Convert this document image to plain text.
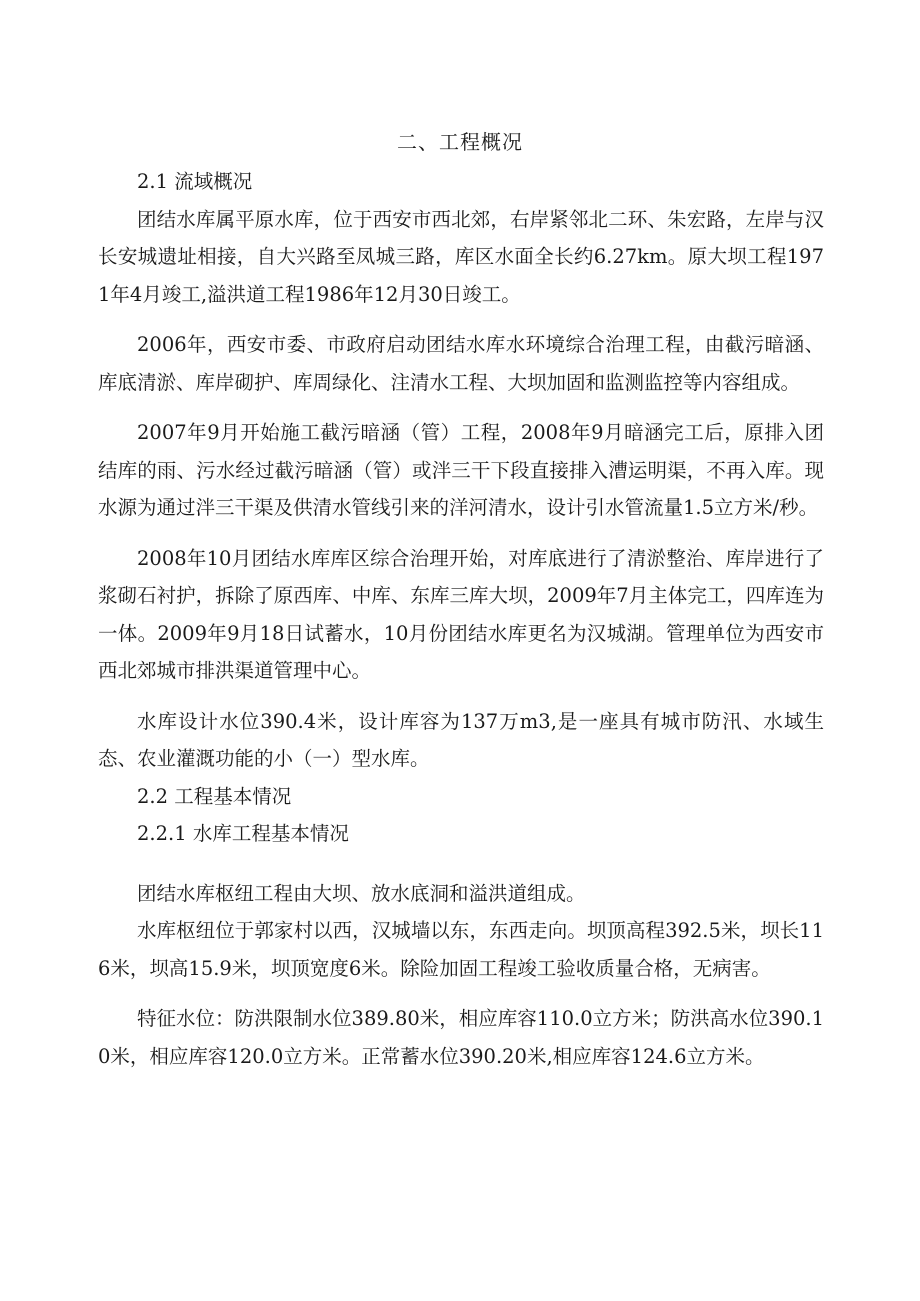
二、工程概况

2.1 流域概况

团结水库属平原水库，位于西安市西北郊，右岸紧邻北二环、朱宏路，左岸与汉长安城遗址相接，自大兴路至凤城三路，库区水面全长约6.27km。原大坝工程1971年4月竣工,溢洪道工程1986年12月30日竣工。

2006年，西安市委、市政府启动团结水库水环境综合治理工程，由截污暗涵、库底清淤、库岸砌护、库周绿化、注清水工程、大坝加固和监测监控等内容组成。

2007年9月开始施工截污暗涵（管）工程，2008年9月暗涵完工后，原排入团结库的雨、污水经过截污暗涵（管）或泮三干下段直接排入漕运明渠，不再入库。现水源为通过泮三干渠及供清水管线引来的洋河清水，设计引水管流量1.5立方米/秒。

2008年10月团结水库库区综合治理开始，对库底进行了清淤整治、库岸进行了浆砌石衬护，拆除了原西库、中库、东库三库大坝，2009年7月主体完工，四库连为一体。2009年9月18日试蓄水，10月份团结水库更名为汉城湖。管理单位为西安市西北郊城市排洪渠道管理中心。

水库设计水位390.4米，设计库容为137万m3,是一座具有城市防汛、水域生态、农业灌溉功能的小（一）型水库。

2.2 工程基本情况

2.2.1 水库工程基本情况

团结水库枢纽工程由大坝、放水底洞和溢洪道组成。

水库枢纽位于郭家村以西，汉城墙以东，东西走向。坝顶高程392.5米，坝长116米，坝高15.9米，坝顶宽度6米。除险加固工程竣工验收质量合格，无病害。

特征水位：防洪限制水位389.80米，相应库容110.0立方米；防洪高水位390.10米，相应库容120.0立方米。正常蓄水位390.20米,相应库容124.6立方米。
